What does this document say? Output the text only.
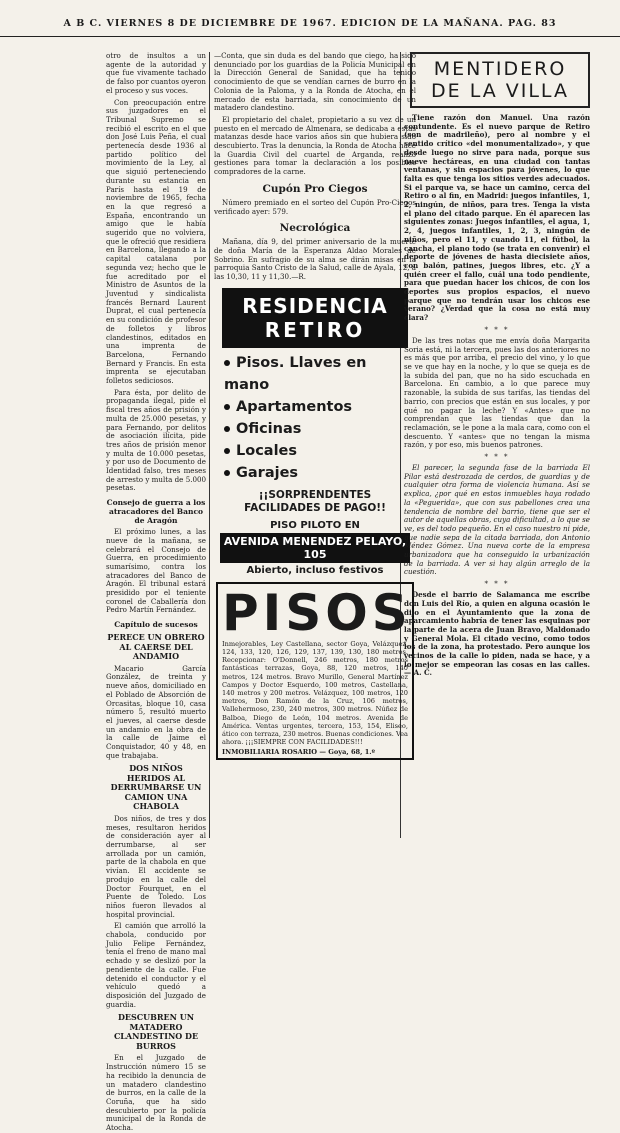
A B C. VIERNES 8 DE DICIEMBRE DE 1967. EDICION DE LA MAÑANA. PAG. 83

otro de insultos a un agente de la autoridad y que fue vivamente tachado de falso por cuantos oyeron el proceso y sus voces.

Con preocupación entre sus juzgadores en el Tribunal Supremo se recibió el escrito en el que don José Luis Peña, el cual pertenecía desde 1936 al partido político del movimiento de la Ley, al que siguió perteneciendo durante su estancia en París hasta el 19 de noviembre de 1965, fecha en la que regresó a España, encontrando un amigo que le había sugerido que no volviera, que le ofreció que residiera en Barcelona, llegando a la capital catalana por segunda vez; hecho que le fue acreditado por el Ministro de Asuntos de la Juventud y sindicalista francés Bernard Laurent Duprat, el cual pertenecía en su condición de profesor de folletos y libros clandestinos, editados en una imprenta de Barcelona, Fernando Bernard y Francis. En esta imprenta se ejecutaban folletos sediciosos.

Para ésta, por delito de propaganda ilegal, pide el fiscal tres años de prisión y multa de 25.000 pesetas, y para Fernando, por delitos de asociación ilícita, pide tres años de prisión menor y multa de 10.000 pesetas, y por uso de Documento de Identidad falso, tres meses de arresto y multa de 5.000 pesetas.

Consejo de guerra a los atracadores del Banco de Aragón

El próximo lunes, a las nueve de la mañana, se celebrará el Consejo de Guerra, en procedimiento sumarísimo, contra los atracadores del Banco de Aragón. El tribunal estará presidido por el teniente coronel de Caballería don Pedro Martín Fernández.

Capítulo de sucesos
PERECE UN OBRERO AL CAERSE DEL ANDAMIO

Macario García González, de treinta y nueve años, domiciliado en el Poblado de Absorción de Orcasitas, bloque 10, casa número 5, resultó muerto el jueves, al caerse desde un andamio en la obra de la calle de Jaime el Conquistador, 40 y 48, en que trabajaba.

DOS NIÑOS HERIDOS AL DERRUMBARSE UN CAMION UNA CHABOLA

Dos niños, de tres y dos meses, resultaron heridos de consideración ayer al derrumbarse, al ser arrollada por un camión, parte de la chabola en que vivían. El accidente se produjo en la calle del Doctor Fourquet, en el Puente de Toledo. Los niños fueron llevados al hospital provincial.

El camión que arrolló la chabola, conducido por Julio Felipe Fernández, tenía el freno de mano mal echado y se deslizó por la pendiente de la calle. Fue detenido el conductor y el vehículo quedó a disposición del Juzgado de guardia.

DESCUBREN UN MATADERO CLANDESTINO DE BURROS

En el Juzgado de Instrucción número 15 se ha recibido la denuncia de un matadero clandestino de burros, en la calle de la Coruña, que ha sido descubierto por la policía municipal de la Ronda de Atocha.

—Conta, que sin duda es del bando que ciego, ha sido denunciado por los guardias de la Policía Municipal en la Dirección General de Sanidad, que ha tenido conocimiento de que se vendían carnes de burro en la Colonia de la Paloma, y a la Ronda de Atocha, en el mercado de esta barriada, sin conocimiento de un matadero clandestino.

El propietario del chalet, propietario a su vez de un puesto en el mercado de Almenara, se dedicaba a estas matanzas desde hace varios años sin que hubiera sido descubierto. Tras la denuncia, la Ronda de Atocha hace la Guardia Civil del cuartel de Arganda, realizó gestiones para tomar la declaración a los posibles compradores de la carne.

Cupón Pro Ciegos

Número premiado en el sorteo del Cupón Pro-Ciegos verificado ayer: 579.

Necrológica

Mañana, día 9, del primer aniversario de la muerte de doña María de la Esperanza Aldao Morales de Sobrino. En sufragio de su alma se dirán misas en la parroquia Santo Cristo de la Salud, calle de Ayala, 12, a las 10,30, 11 y 11,30.—R.

RESIDENCIA
RETIRO
Pisos. Llaves en mano
Apartamentos
Oficinas
Locales
Garajes
¡¡SORPRENDENTES
FACILIDADES DE PAGO!!
PISO PILOTO EN
AVENIDA MENENDEZ PELAYO, 105
Abierto, incluso festivos
PISOS

Inmejorables, Ley Castellana, sector Goya, Velázquez, 124, 133, 120, 126, 129, 137, 139, 130, 180 metros. Recepcionar: O'Donnell, 246 metros, 180 metros fantásticas terrazas, Goya, 88, 120 metros, 140 metros, 124 metros. Bravo Murillo, General Martínez Campos y Doctor Esquerdo, 100 metros, Castellana, 140 metros y 200 metros. Velázquez, 100 metros, 120 metros, Don Ramón de la Cruz, 106 metros, Vallehermoso, 230, 240 metros, 300 metros. Núñez de Balboa, Diego de León, 104 metros. Avenida de América. Ventas urgentes, tercera, 153, 154, Eliseo, ático con terraza, 230 metros. Buenas condiciones. Vea ahora. ¡¡¡SIEMPRE CON FACILIDADES!!!

INMOBILIARIA ROSARIO — Goya, 68, 1.º
MENTIDERO
DE LA VILLA

Tiene razón don Manuel. Una razón contundente. Es el nuevo parque de Retiro (son de madrileño), pero al nombre y el sentido crítico «del monumentalizado», y que desde luego no sirve para nada, porque sus nueve hectáreas, en una ciudad con tantas ventanas, y sin espacios para jóvenes, lo que falta es que tenga los sitios verdes adecuados. Si el parque va, se hace un camino, cerca del Retiro o al fin, en Madrid: juegos infantiles, 1, 2, ningún, de niños, para tres. Tenga la vista el plano del citado parque. En él aparecen las siguientes zonas: Juegos infantiles, el agua, 1, 2, 4, juegos infantiles, 1, 2, 3, ningún de niños, pero el 11, y cuando 11, el fútbol, la cancha, el plano todo (se trata en convenir) el deporte de jóvenes de hasta diecisiete años, con balón, patines, juegos libres, etc. ¿Y a quién creer el fallo, cuál una todo pendiente, para que puedan hacer los chicos, de con los deportes sus propios espacios, el nuevo parque que no tendrán usar los chicos ese verano? ¿Verdad que la cosa no está muy clara?

* * *

De las tres notas que me envía doña Margarita Soria está, ni la tercera, pues las dos anteriores no es más que por arriba, el precio del vino, y lo que se ve que hay en la noche, y lo que se queja es de la subida del pan, que no ha sido escuchada en Barcelona. En cambio, a lo que parece muy razonable, la subida de sus tarifas, las tiendas del barrio, con precios que están en sus locales, y por qué no pagar la leche? Y «Antes» que no comprendan que las tiendas que dan la reclamación, se le pone a la mala cara, como con el descuento. Y «antes» que no tengan la misma razón, y por eso, mis buenos patrones.

* * *

El parecer, la segunda fase de la barriada El Pilar está destrozada de cerdos, de guardias y de cualquier otra forma de violencia humana. Así se explica, ¿por qué en estos inmuebles haya rodado la «Peguerida», que con sus pabellones crea una tendencia de nombre del barrio, tiene que ser el autor de aquellas obras, cuya dificultad, a lo que se ve, es del todo pequeño. En el caso nuestro ni pide, que nadie sepa de la citada barriada, don Antonio Méndez Gómez. Una nueva corte de la empresa urbanizadora que ha conseguido la urbanización de la barriada. A ver si hay algún arreglo de la cuestión.

* * *

Desde el barrio de Salamanca me escribe don Luis del Río, a quien en alguna ocasión le dijo en el Ayuntamiento que la zona de aparcamiento habría de tener las esquinas por la parte de la acera de Juan Bravo, Maldonado y General Mola. El citado vecino, como todos los de la zona, ha protestado. Pero aunque los vecinos de la calle lo piden, nada se hace, y a lo mejor se empeoran las cosas en las calles. — A. C.
